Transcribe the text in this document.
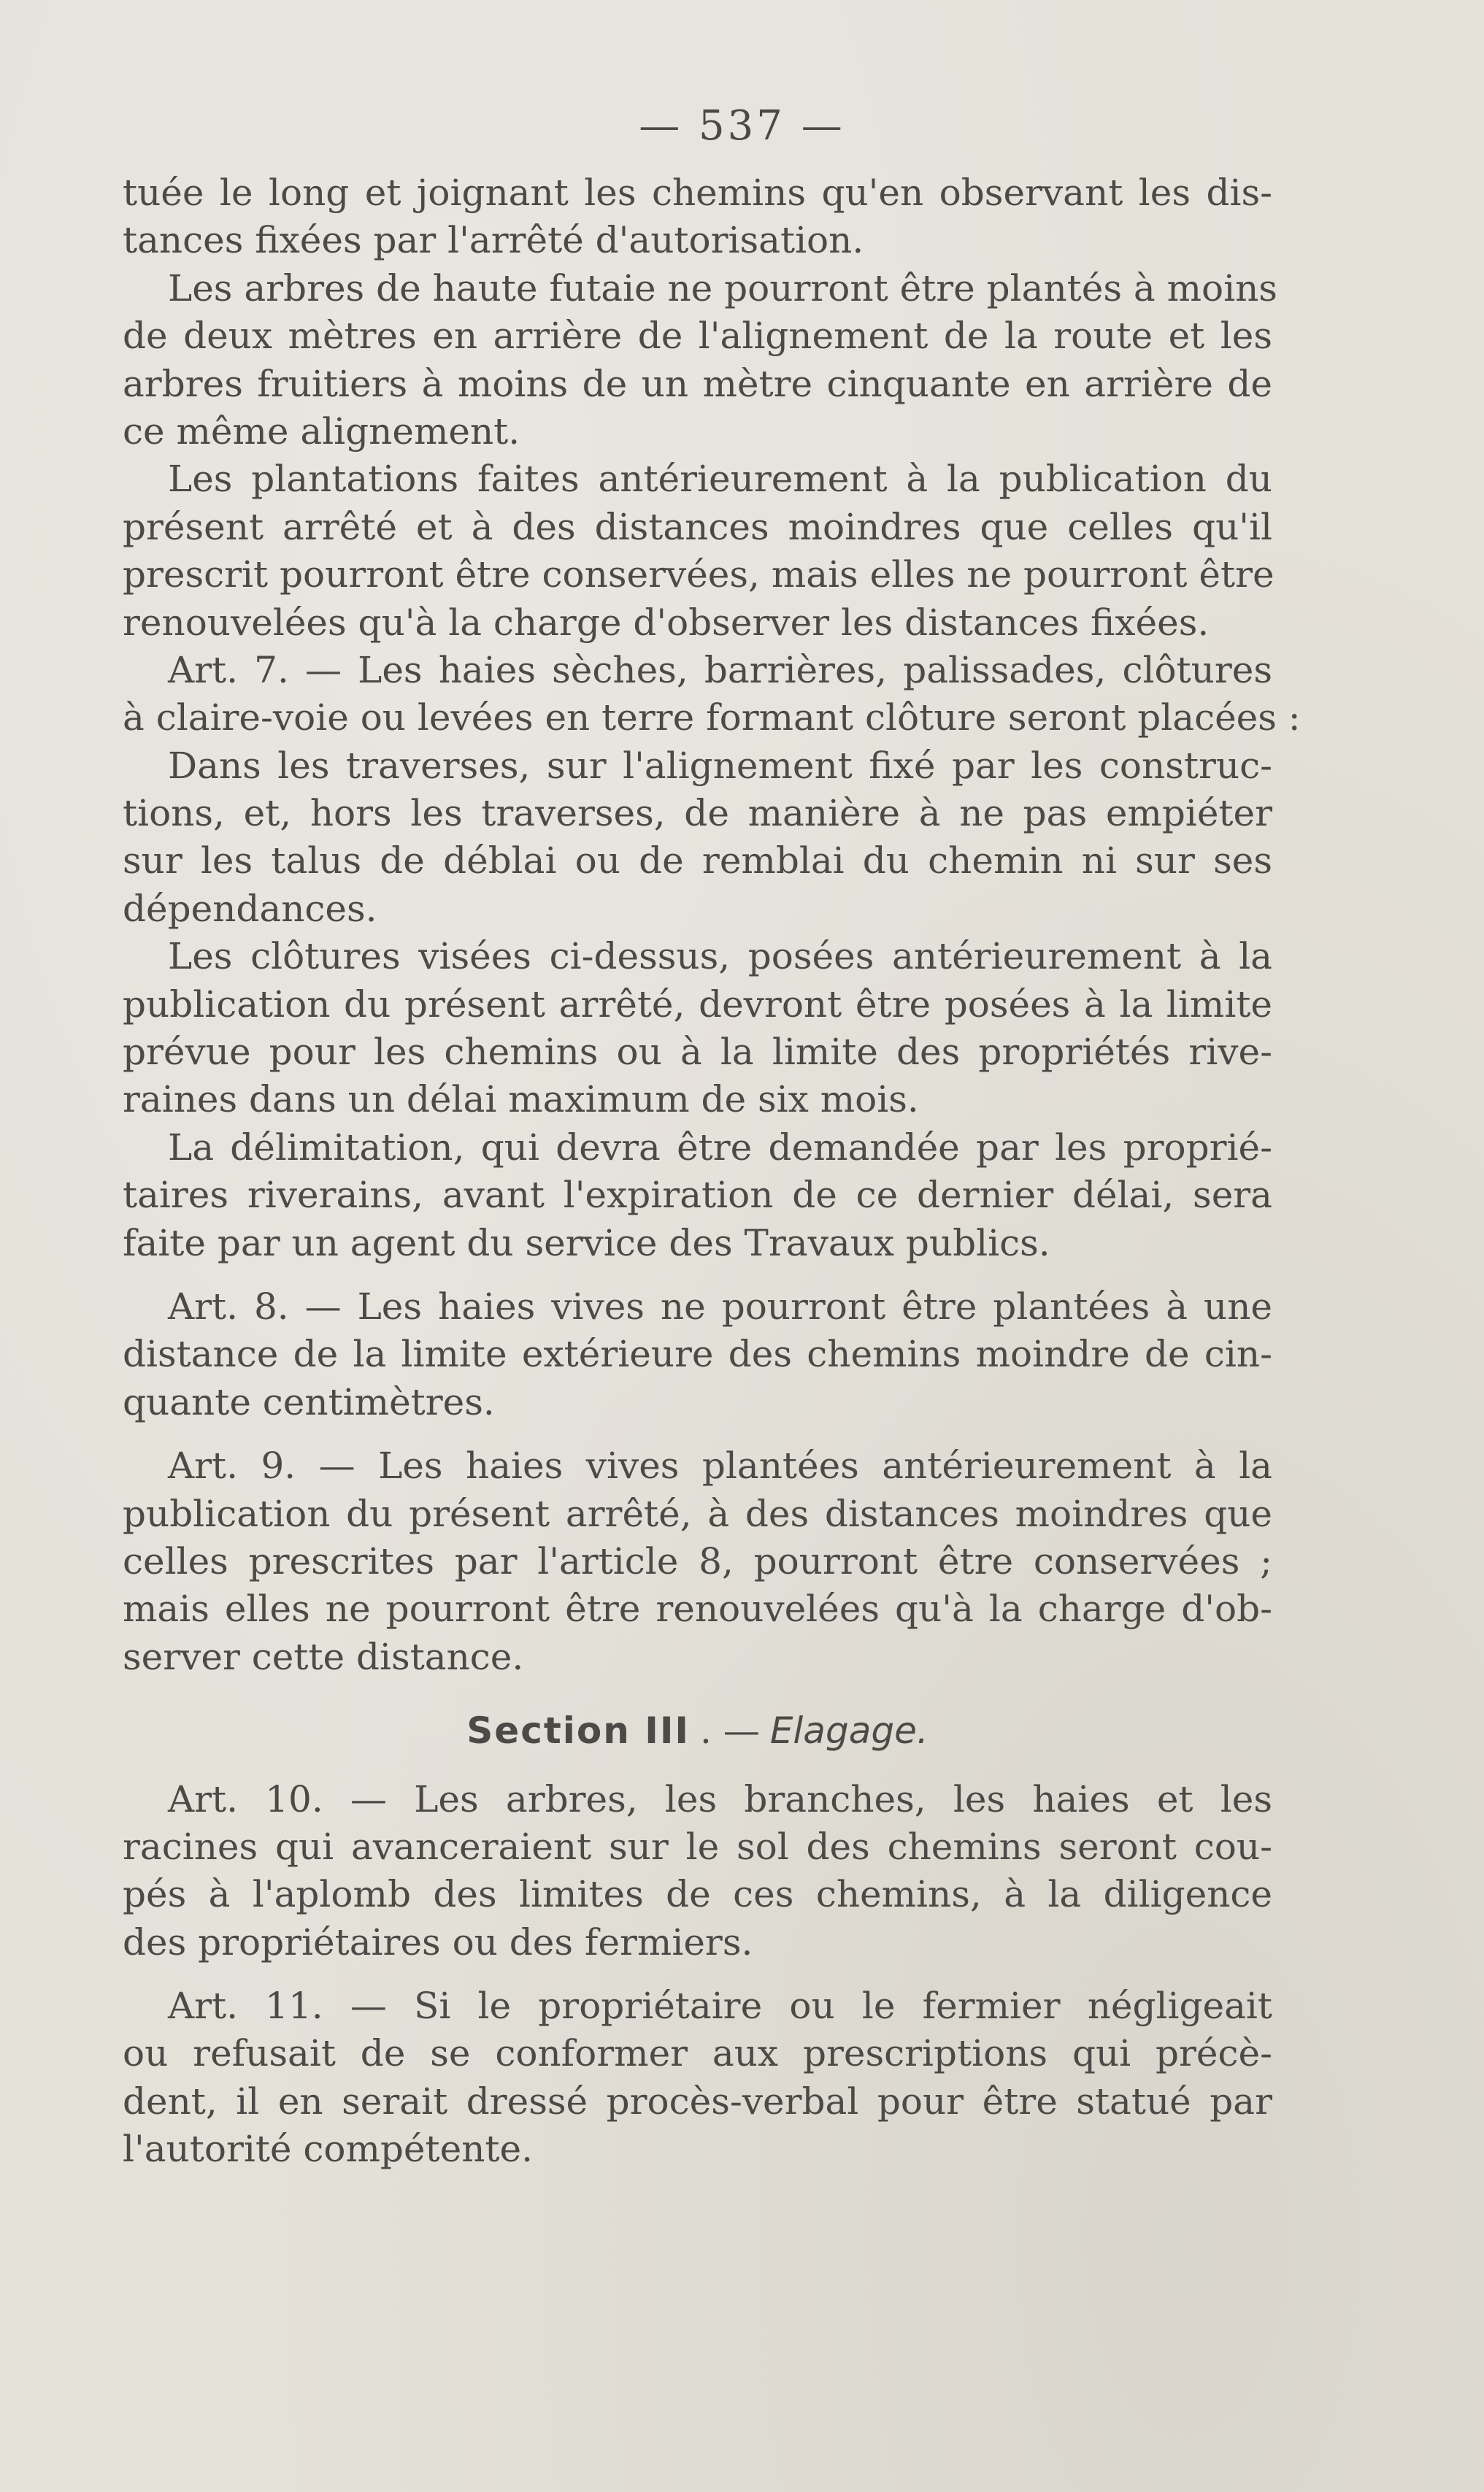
— 537 —
tuée le long et joignant les chemins qu'en observant les dis-
tances fixées par l'arrêté d'autorisation.
Les arbres de haute futaie ne pourront être plantés à moins
de deux mètres en arrière de l'alignement de la route et les
arbres fruitiers à moins de un mètre cinquante en arrière de
ce même alignement.
Les plantations faites antérieurement à la publication du
présent arrêté et à des distances moindres que celles qu'il
prescrit pourront être conservées, mais elles ne pourront être
renouvelées qu'à la charge d'observer les distances fixées.
Art. 7. — Les haies sèches, barrières, palissades, clôtures
à claire-voie ou levées en terre formant clôture seront placées :
Dans les traverses, sur l'alignement fixé par les construc-
tions, et, hors les traverses, de manière à ne pas empiéter
sur les talus de déblai ou de remblai du chemin ni sur ses
dépendances.
Les clôtures visées ci-dessus, posées antérieurement à la
publication du présent arrêté, devront être posées à la limite
prévue pour les chemins ou à la limite des propriétés rive-
raines dans un délai maximum de six mois.
La délimitation, qui devra être demandée par les proprié-
taires riverains, avant l'expiration de ce dernier délai, sera
faite par un agent du service des Travaux publics.
Art. 8. — Les haies vives ne pourront être plantées à une
distance de la limite extérieure des chemins moindre de cin-
quante centimètres.
Art. 9. — Les haies vives plantées antérieurement à la
publication du présent arrêté, à des distances moindres que
celles prescrites par l'article 8, pourront être conservées ;
mais elles ne pourront être renouvelées qu'à la charge d'ob-
server cette distance.
Section III . — Elagage.
Art. 10. — Les arbres, les branches, les haies et les
racines qui avanceraient sur le sol des chemins seront cou-
pés à l'aplomb des limites de ces chemins, à la diligence
des propriétaires ou des fermiers.
Art. 11. — Si le propriétaire ou le fermier négligeait
ou refusait de se conformer aux prescriptions qui précè-
dent, il en serait dressé procès-verbal pour être statué par
l'autorité compétente.
